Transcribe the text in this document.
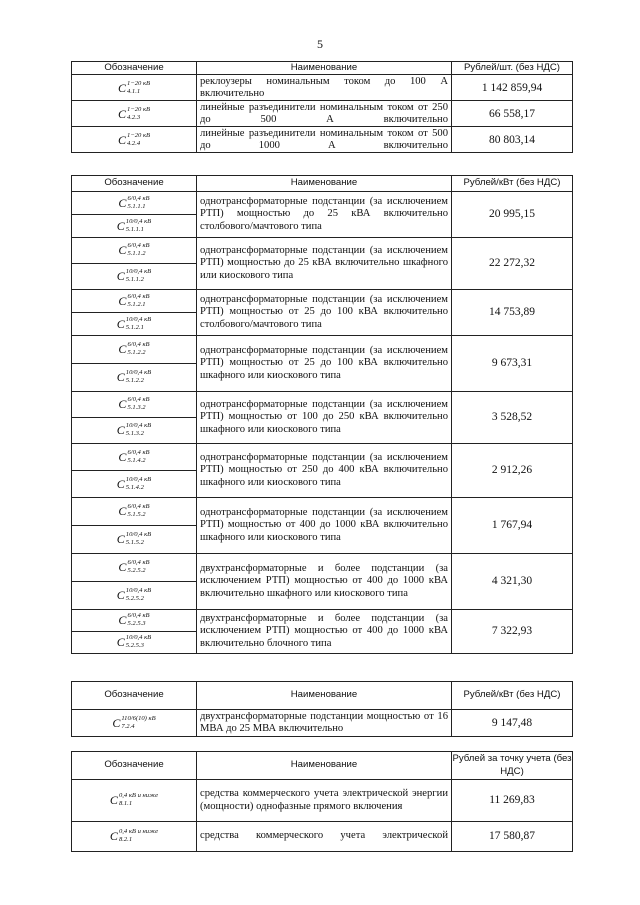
5
Обозначение	Наименование	Рублей/шт. (без НДС)
C 1−20 кВ
4.1.1	реклоузеры номинальным током до 100 А включительно	1 142 859,94
C 1−20 кВ
4.2.3	линейные разъединители номинальным током от 250 до 500 А включительно	66 558,17
C 1−20 кВ
4.2.4	линейные разъединители номинальным током от 500 до 1000 А включительно	80 803,14
Обозначение	Наименование	Рублей/кВт (без НДС)
C 6/0,4 кВ
5.1.1.1	однотрансформаторные подстанции (за исключением РТП) мощностью до 25 кВА включительно столбового/мачтового типа	20 995,15
C 10/0,4 кВ
5.1.1.1		

C 6/0,4 кВ
5.1.1.2	однотрансформаторные подстанции (за исключением РТП) мощностью до 25 кВА включительно шкафного или киоскового типа	22 272,32
C 10/0,4 кВ
5.1.1.2		

C 6/0,4 кВ
5.1.2.1	однотрансформаторные подстанции (за исключением РТП) мощностью от 25 до 100 кВА включительно столбового/мачтового типа	14 753,89
C 10/0,4 кВ
5.1.2.1		

C 6/0,4 кВ
5.1.2.2	однотрансформаторные подстанции (за исключением РТП) мощностью от 25 до 100 кВА включительно шкафного или киоскового типа	9 673,31
C 10/0,4 кВ
5.1.2.2		

C 6/0,4 кВ
5.1.3.2	однотрансформаторные подстанции (за исключением РТП) мощностью от 100 до 250 кВА включительно шкафного или киоскового типа	3 528,52
C 10/0,4 кВ
5.1.3.2		

C 6/0,4 кВ
5.1.4.2	однотрансформаторные подстанции (за исключением РТП) мощностью от 250 до 400 кВА включительно шкафного или киоскового типа	2 912,26
C 10/0,4 кВ
5.1.4.2		

C 6/0,4 кВ
5.1.5.2	однотрансформаторные подстанции (за исключением РТП) мощностью от 400 до 1000 кВА включительно шкафного или киоскового типа	1 767,94
C 10/0,4 кВ
5.1.5.2		

C 6/0,4 кВ
5.2.5.2	двухтрансформаторные и более подстанции (за исключением РТП) мощностью от 400 до 1000 кВА включительно шкафного или киоскового типа	4 321,30
C 10/0,4 кВ
5.2.5.2		

C 6/0,4 кВ
5.2.5.3	двухтрансформаторные и более подстанции (за исключением РТП) мощностью от 400 до 1000 кВА включительно блочного типа	7 322,93
C 10/0,4 кВ
5.2.5.3		
Обозначение	Наименование	Рублей/кВт (без НДС)
C 110/6(10) кВ
7.2.4	двухтрансформаторные подстанции мощностью от 16 МВА до 25 МВА включительно	9 147,48
Обозначение	Наименование	Рублей за точку учета (без НДС)
C 0,4 кВ и ниже
8.1.1	средства коммерческого учета электрической энергии (мощности) однофазные прямого включения	11 269,83
C 0,4 кВ и ниже
8.2.1	средства коммерческого учета электрической	17 580,87
